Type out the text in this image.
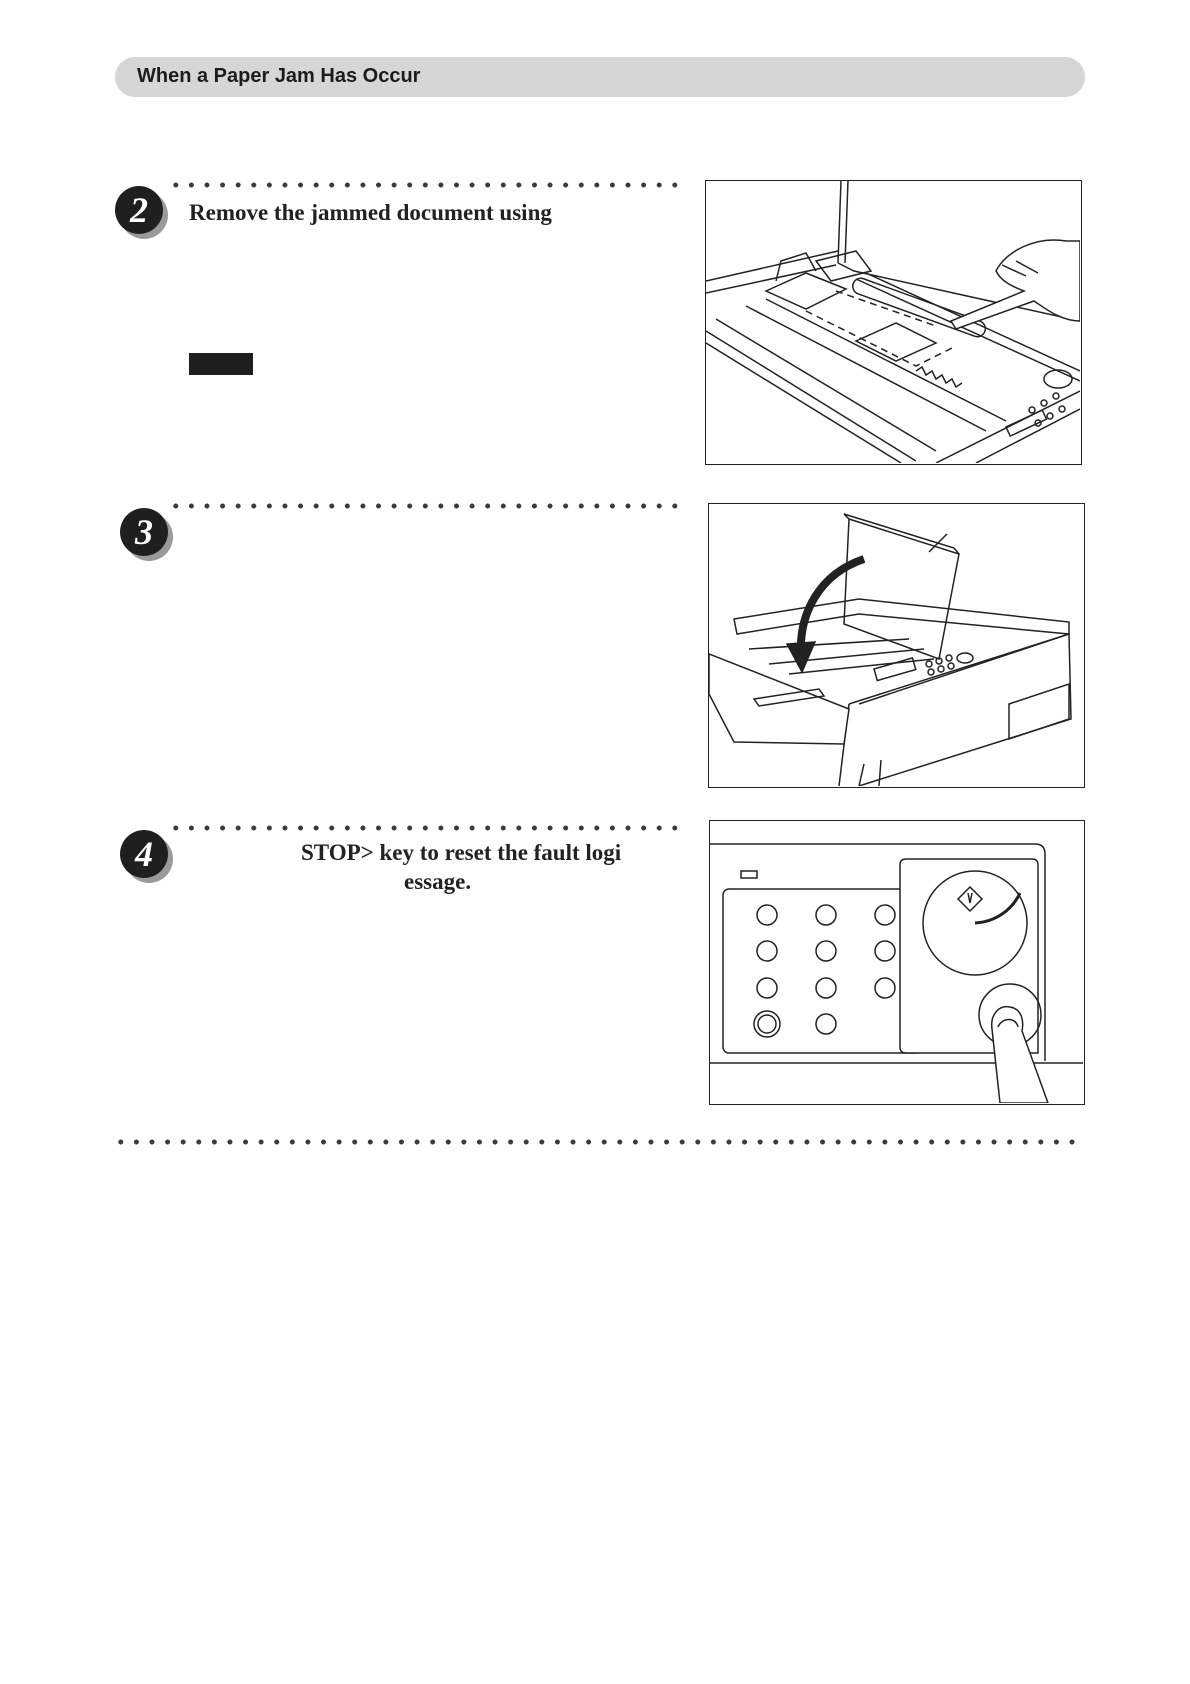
When a Paper Jam Has Occur
2	Remove the jammed document using
3
4	STOP> key to reset the fault logi
essage.
